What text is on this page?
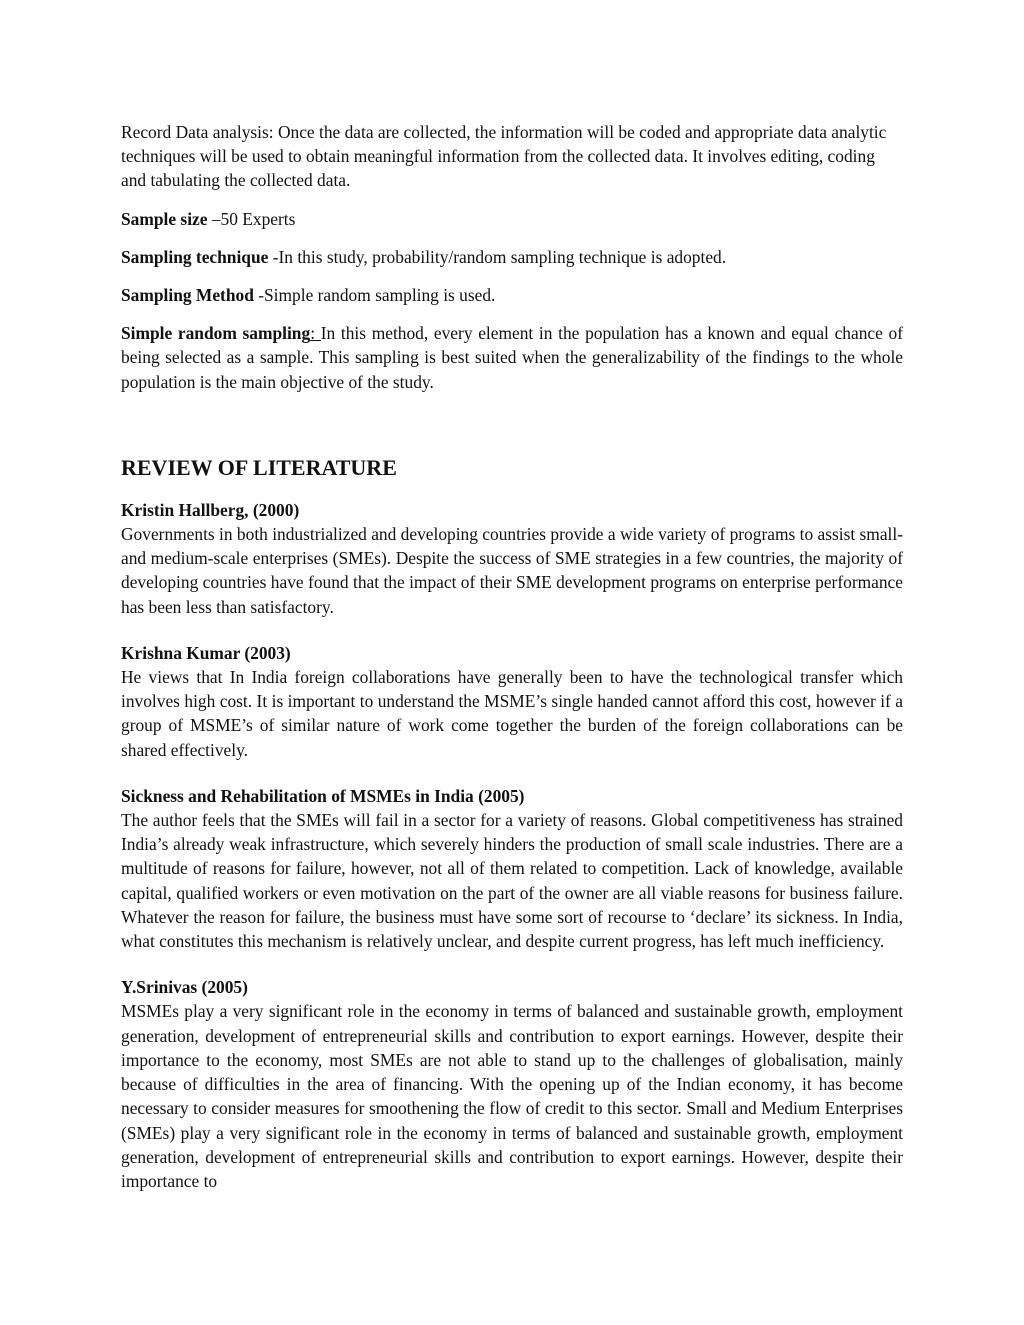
Record Data analysis: Once the data are collected, the information will be coded and appropriate data analytic techniques will be used to obtain meaningful information from the collected data. It involves editing, coding and tabulating the collected data.

Sample size –50 Experts

Sampling technique -In this study, probability/random sampling technique is adopted.

Sampling Method -Simple random sampling is used.

Simple random sampling: In this method, every element in the population has a known and equal chance of being selected as a sample. This sampling is best suited when the generalizability of the findings to the whole population is the main objective of the study.

REVIEW OF LITERATURE

Kristin Hallberg, (2000)

Governments in both industrialized and developing countries provide a wide variety of programs to assist small- and medium-scale enterprises (SMEs). Despite the success of SME strategies in a few countries, the majority of developing countries have found that the impact of their SME development programs on enterprise performance has been less than satisfactory.

Krishna Kumar (2003)

He views that In India foreign collaborations have generally been to have the technological transfer which involves high cost. It is important to understand the MSME’s single handed cannot afford this cost, however if a group of MSME’s of similar nature of work come together the burden of the foreign collaborations can be shared effectively.

Sickness and Rehabilitation of MSMEs in India (2005)

The author feels that the SMEs will fail in a sector for a variety of reasons. Global competitiveness has strained India’s already weak infrastructure, which severely hinders the production of small scale industries. There are a multitude of reasons for failure, however, not all of them related to competition. Lack of knowledge, available capital, qualified workers or even motivation on the part of the owner are all viable reasons for business failure. Whatever the reason for failure, the business must have some sort of recourse to ‘declare’ its sickness. In India, what constitutes this mechanism is relatively unclear, and despite current progress, has left much inefficiency.

Y.Srinivas (2005)

MSMEs play a very significant role in the economy in terms of balanced and sustainable growth, employment generation, development of entrepreneurial skills and contribution to export earnings. However, despite their importance to the economy, most SMEs are not able to stand up to the challenges of globalisation, mainly because of difficulties in the area of financing. With the opening up of the Indian economy, it has become necessary to consider measures for smoothening the flow of credit to this sector. Small and Medium Enterprises (SMEs) play a very significant role in the economy in terms of balanced and sustainable growth, employment generation, development of entrepreneurial skills and contribution to export earnings. However, despite their importance to
